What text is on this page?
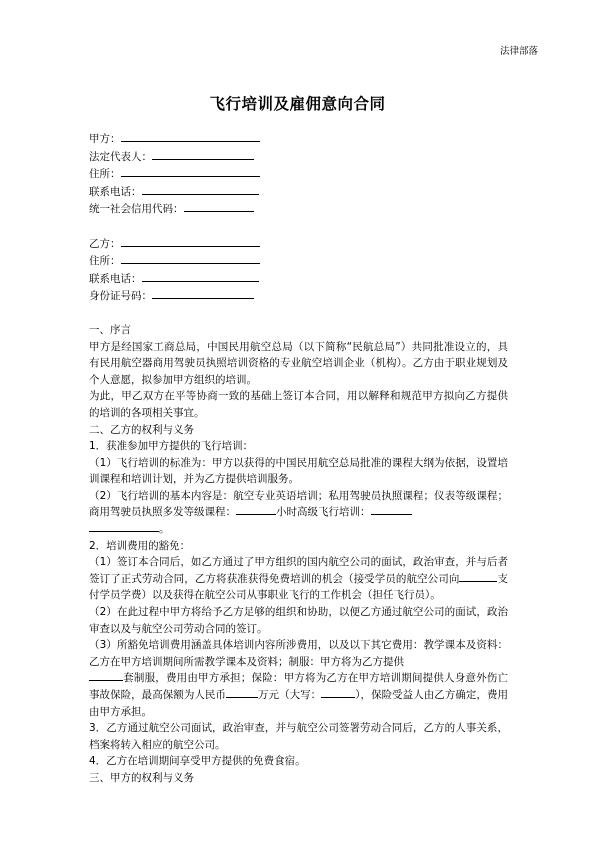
法律部落
飞行培训及雇佣意向合同
甲方：
法定代表人：
住所：
联系电话：
统一社会信用代码：
乙方：
住所：
联系电话：
身份证号码：

一、序言

甲方是经国家工商总局，中国民用航空总局（以下简称“民航总局”）共同批准设立的，具有民用航空器商用驾驶员执照培训资格的专业航空培训企业（机构）。乙方由于职业规划及个人意愿，拟参加甲方组织的培训。

为此，甲乙双方在平等协商一致的基础上签订本合同，用以解释和规范甲方拟向乙方提供的培训的各项相关事宜。

二、乙方的权利与义务

1．获准参加甲方提供的飞行培训：

（1）飞行培训的标准为：甲方以获得的中国民用航空总局批准的课程大纲为依据，设置培训课程和培训计划，并为乙方提供培训服务。

（2）飞行培训的基本内容是：航空专业英语培训；私用驾驶员执照课程；仪表等级课程；商用驾驶员执照多发等级课程：	小时高级飞行培训：
。

2．培训费用的豁免：

（1）签订本合同后，如乙方通过了甲方组织的国内航空公司的面试，政治审查，并与后者签订了正式劳动合同，乙方将获准获得免费培训的机会（接受学员的航空公司向	支付学员学费）以及获得在航空公司从事职业飞行的工作机会（担任飞行员）。

（2）在此过程中甲方将给予乙方足够的组织和协助，以便乙方通过航空公司的面试，政治审查以及与航空公司劳动合同的签订。

（3）所豁免培训费用涵盖具体培训内容所涉费用，以及以下其它费用：教学课本及资料：乙方在甲方培训期间所需教学课本及资料；制服：甲方将为乙方提供
套制服，费用由甲方承担；保险：甲方将为乙方在甲方培训期间提供人身意外伤亡事故保险，最高保额为人民币	万元（大写：	），保险受益人由乙方确定，费用由甲方承担。

3．乙方通过航空公司面试，政治审查，并与航空公司签署劳动合同后，乙方的人事关系，档案将转入相应的航空公司。

4．乙方在培训期间享受甲方提供的免费食宿。

三、甲方的权利与义务
